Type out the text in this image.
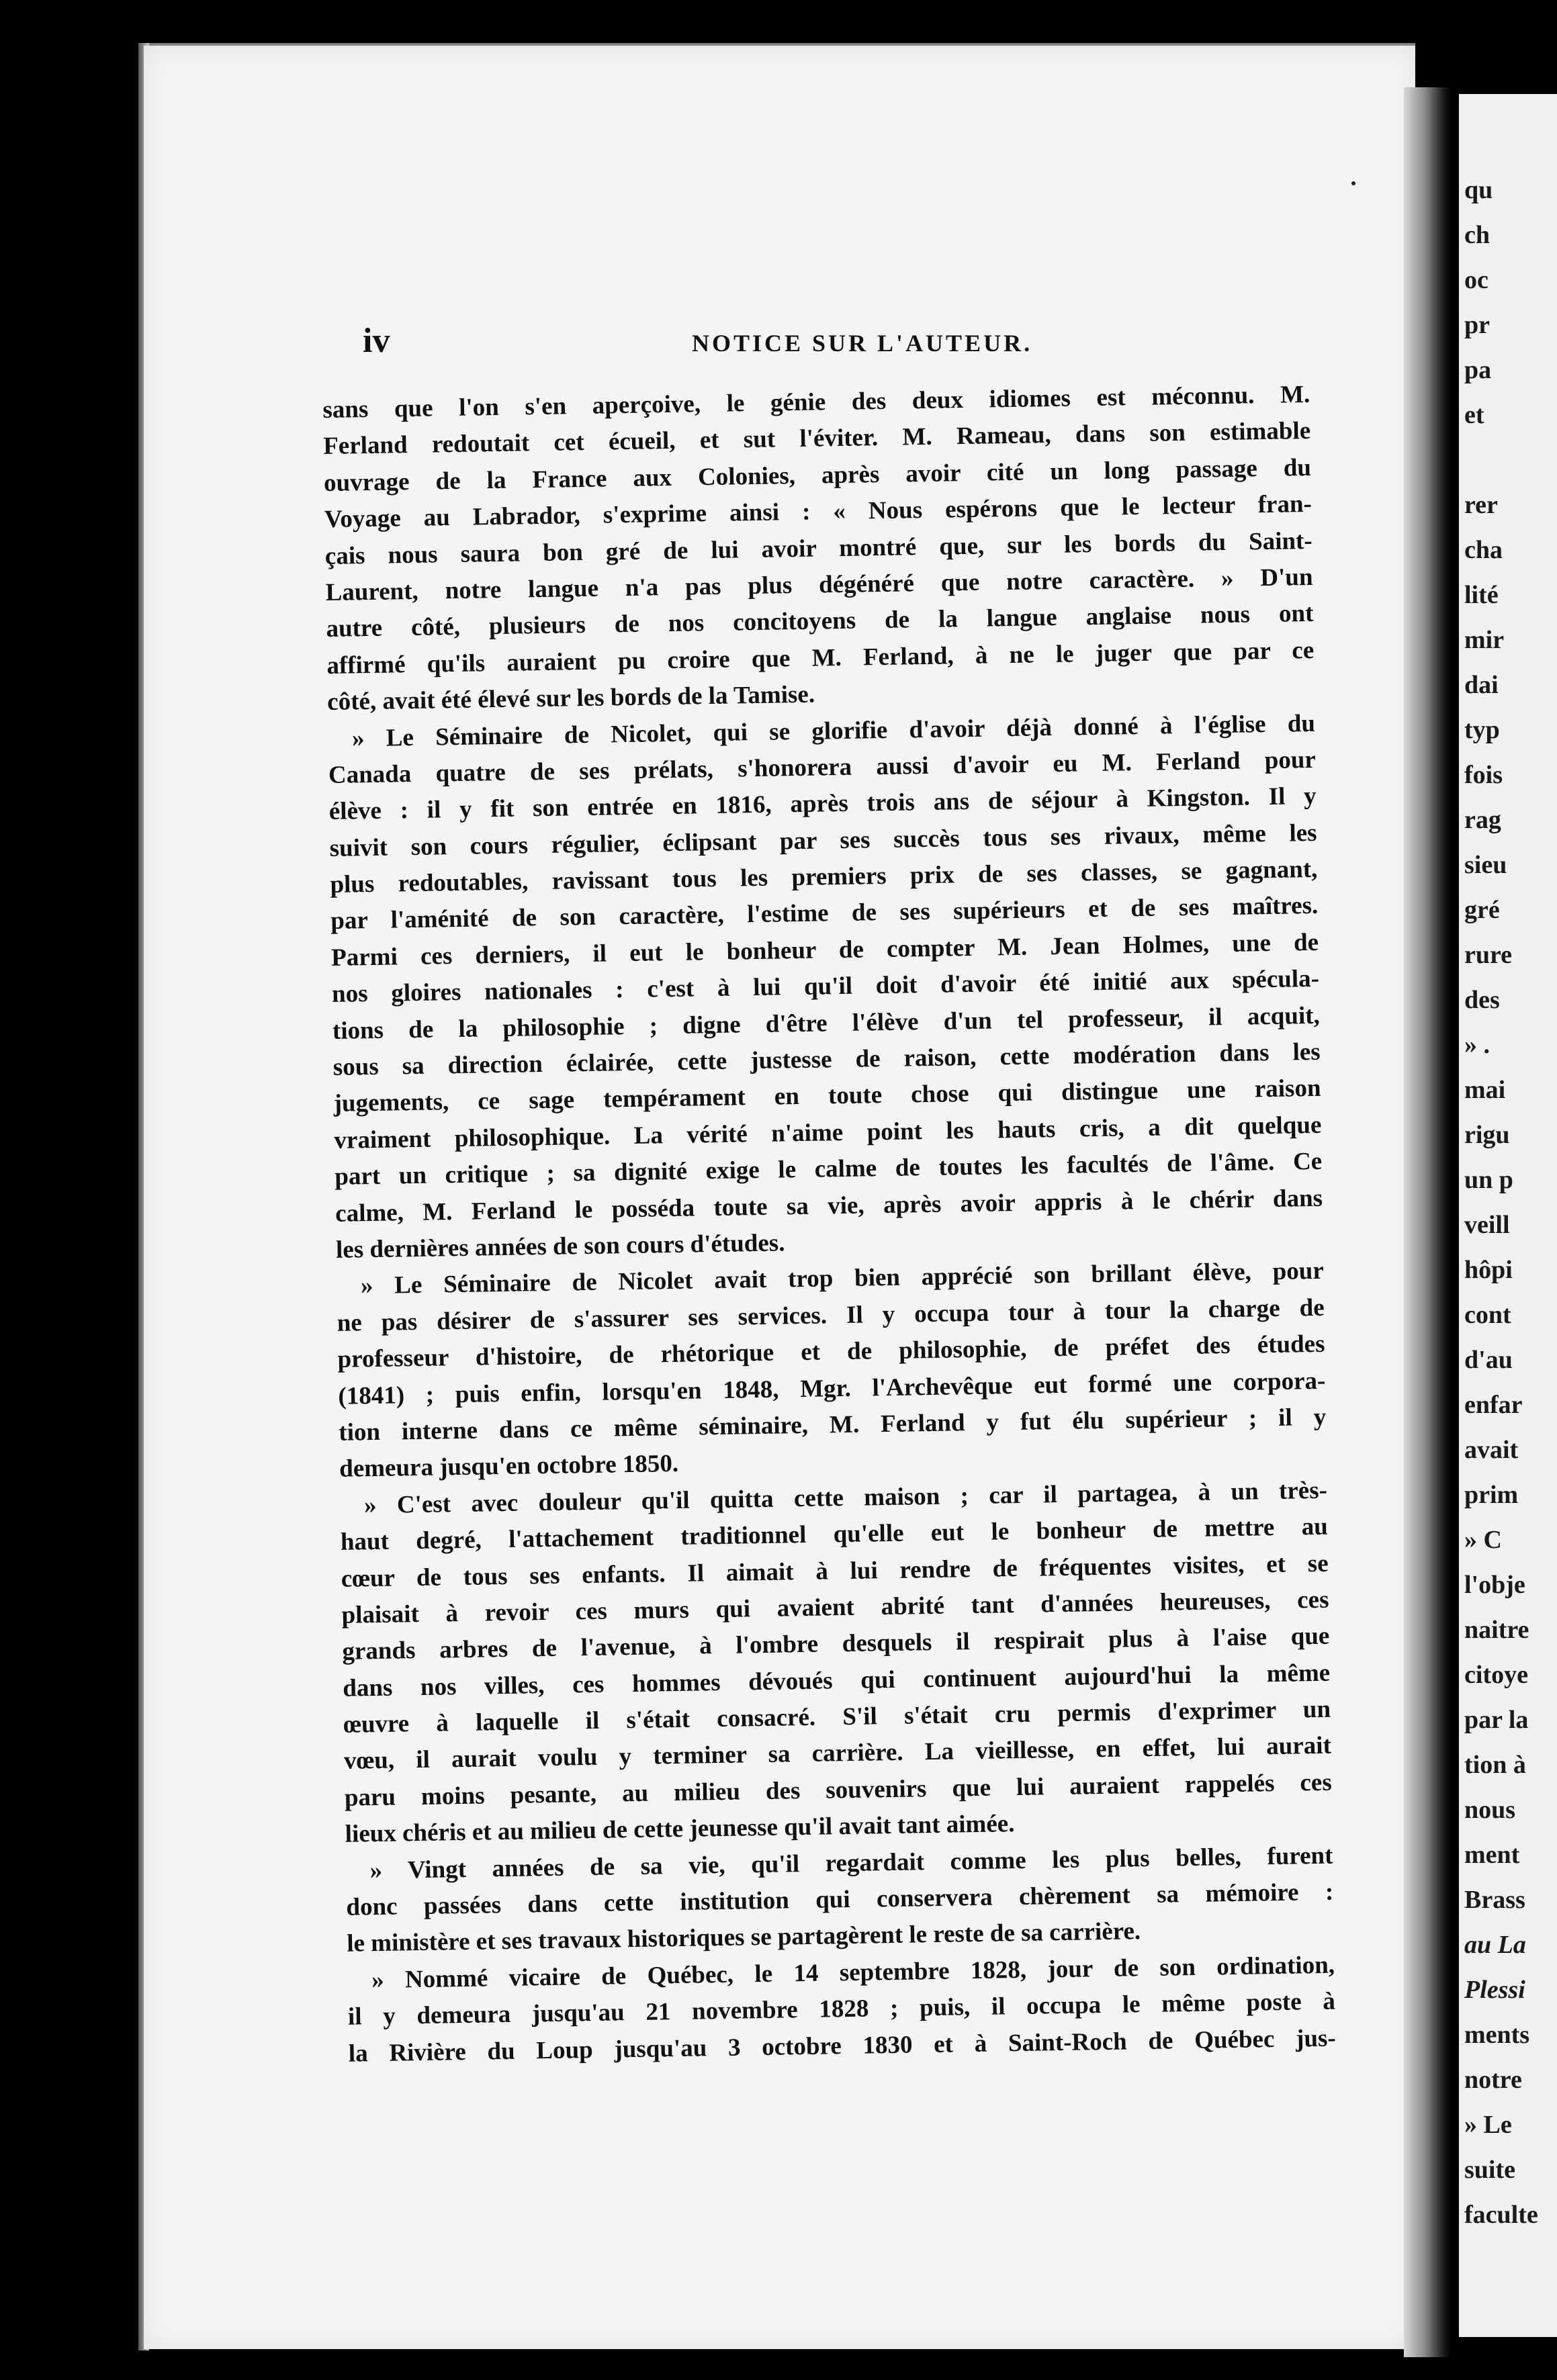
qu
ch
oc
pr
pa
et
rer
cha
lité
mir
dai
typ
fois
rag
sieu
gré
rure
des
» .
mai
rigu
un p
veill
hôpi
cont
d'au
enfar
avait
prim
» C
l'obje
naitre
citoye
par la
tion à
nous
ment
Brass
au La
Plessi
ments
notre
» Le
suite
faculte
iv	NOTICE SUR L'AUTEUR.
sans que l'on s'en aperçoive, le génie des deux idiomes est méconnu. M.
Ferland redoutait cet écueil, et sut l'éviter. M. Rameau, dans son estimable
ouvrage de la France aux Colonies, après avoir cité un long passage du
Voyage au Labrador, s'exprime ainsi : « Nous espérons que le lecteur fran-
çais nous saura bon gré de lui avoir montré que, sur les bords du Saint-
Laurent, notre langue n'a pas plus dégénéré que notre caractère. » D'un
autre côté, plusieurs de nos concitoyens de la langue anglaise nous ont
affirmé qu'ils auraient pu croire que M. Ferland, à ne le juger que par ce
côté, avait été élevé sur les bords de la Tamise.
» Le Séminaire de Nicolet, qui se glorifie d'avoir déjà donné à l'église du
Canada quatre de ses prélats, s'honorera aussi d'avoir eu M. Ferland pour
élève : il y fit son entrée en 1816, après trois ans de séjour à Kingston. Il y
suivit son cours régulier, éclipsant par ses succès tous ses rivaux, même les
plus redoutables, ravissant tous les premiers prix de ses classes, se gagnant,
par l'aménité de son caractère, l'estime de ses supérieurs et de ses maîtres.
Parmi ces derniers, il eut le bonheur de compter M. Jean Holmes, une de
nos gloires nationales : c'est à lui qu'il doit d'avoir été initié aux spécula-
tions de la philosophie ; digne d'être l'élève d'un tel professeur, il acquit,
sous sa direction éclairée, cette justesse de raison, cette modération dans les
jugements, ce sage tempérament en toute chose qui distingue une raison
vraiment philosophique. La vérité n'aime point les hauts cris, a dit quelque
part un critique ; sa dignité exige le calme de toutes les facultés de l'âme. Ce
calme, M. Ferland le posséda toute sa vie, après avoir appris à le chérir dans
les dernières années de son cours d'études.
» Le Séminaire de Nicolet avait trop bien apprécié son brillant élève, pour
ne pas désirer de s'assurer ses services. Il y occupa tour à tour la charge de
professeur d'histoire, de rhétorique et de philosophie, de préfet des études
(1841) ; puis enfin, lorsqu'en 1848, Mgr. l'Archevêque eut formé une corpora-
tion interne dans ce même séminaire, M. Ferland y fut élu supérieur ; il y
demeura jusqu'en octobre 1850.
» C'est avec douleur qu'il quitta cette maison ; car il partagea, à un très-
haut degré, l'attachement traditionnel qu'elle eut le bonheur de mettre au
cœur de tous ses enfants. Il aimait à lui rendre de fréquentes visites, et se
plaisait à revoir ces murs qui avaient abrité tant d'années heureuses, ces
grands arbres de l'avenue, à l'ombre desquels il respirait plus à l'aise que
dans nos villes, ces hommes dévoués qui continuent aujourd'hui la même
œuvre à laquelle il s'était consacré. S'il s'était cru permis d'exprimer un
vœu, il aurait voulu y terminer sa carrière. La vieillesse, en effet, lui aurait
paru moins pesante, au milieu des souvenirs que lui auraient rappelés ces
lieux chéris et au milieu de cette jeunesse qu'il avait tant aimée.
» Vingt années de sa vie, qu'il regardait comme les plus belles, furent
donc passées dans cette institution qui conservera chèrement sa mémoire :
le ministère et ses travaux historiques se partagèrent le reste de sa carrière.
» Nommé vicaire de Québec, le 14 septembre 1828, jour de son ordination,
il y demeura jusqu'au 21 novembre 1828 ; puis, il occupa le même poste à
la Rivière du Loup jusqu'au 3 octobre 1830 et à Saint-Roch de Québec jus-
